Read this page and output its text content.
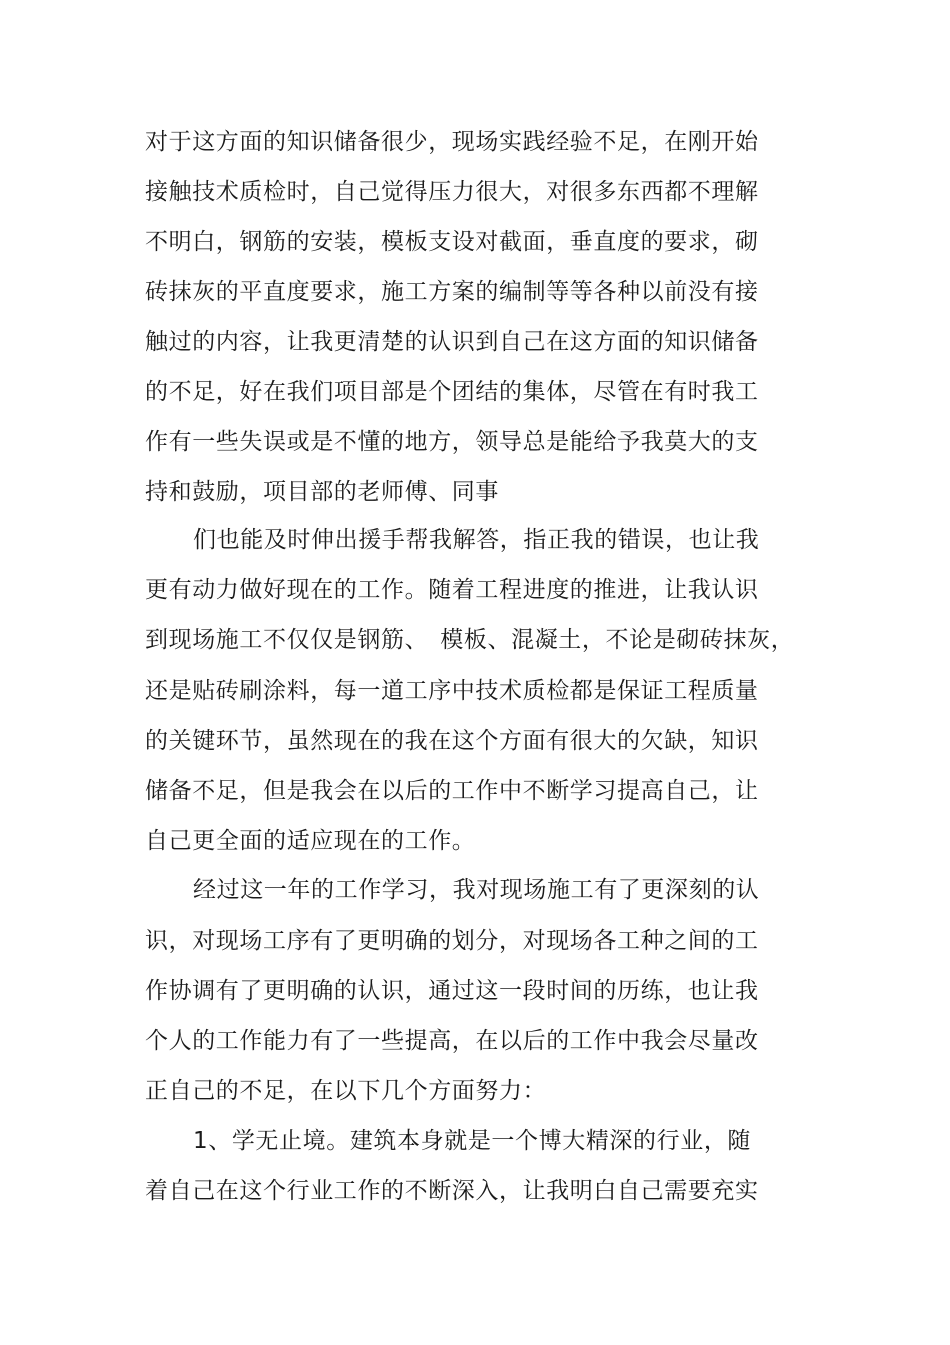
对于这方面的知识储备很少，现场实践经验不足，在刚开始
接触技术质检时，自己觉得压力很大，对很多东西都不理解
不明白，钢筋的安装，模板支设对截面，垂直度的要求，砌
砖抹灰的平直度要求，施工方案的编制等等各种以前没有接
触过的内容，让我更清楚的认识到自己在这方面的知识储备
的不足，好在我们项目部是个团结的集体，尽管在有时我工
作有一些失误或是不懂的地方，领导总是能给予我莫大的支
持和鼓励，项目部的老师傅、同事
们也能及时伸出援手帮我解答，指正我的错误，也让我
更有动力做好现在的工作。随着工程进度的推进，让我认识
到现场施工不仅仅是钢筋、　模板、混凝土，不论是砌砖抹灰，
还是贴砖刷涂料，每一道工序中技术质检都是保证工程质量
的关键环节，虽然现在的我在这个方面有很大的欠缺，知识
储备不足，但是我会在以后的工作中不断学习提高自己，让
自己更全面的适应现在的工作。
经过这一年的工作学习，我对现场施工有了更深刻的认
识，对现场工序有了更明确的划分，对现场各工种之间的工
作协调有了更明确的认识，通过这一段时间的历练，也让我
个人的工作能力有了一些提高，在以后的工作中我会尽量改
正自己的不足，在以下几个方面努力：
1、学无止境。建筑本身就是一个博大精深的行业，随
着自己在这个行业工作的不断深入，让我明白自己需要充实
